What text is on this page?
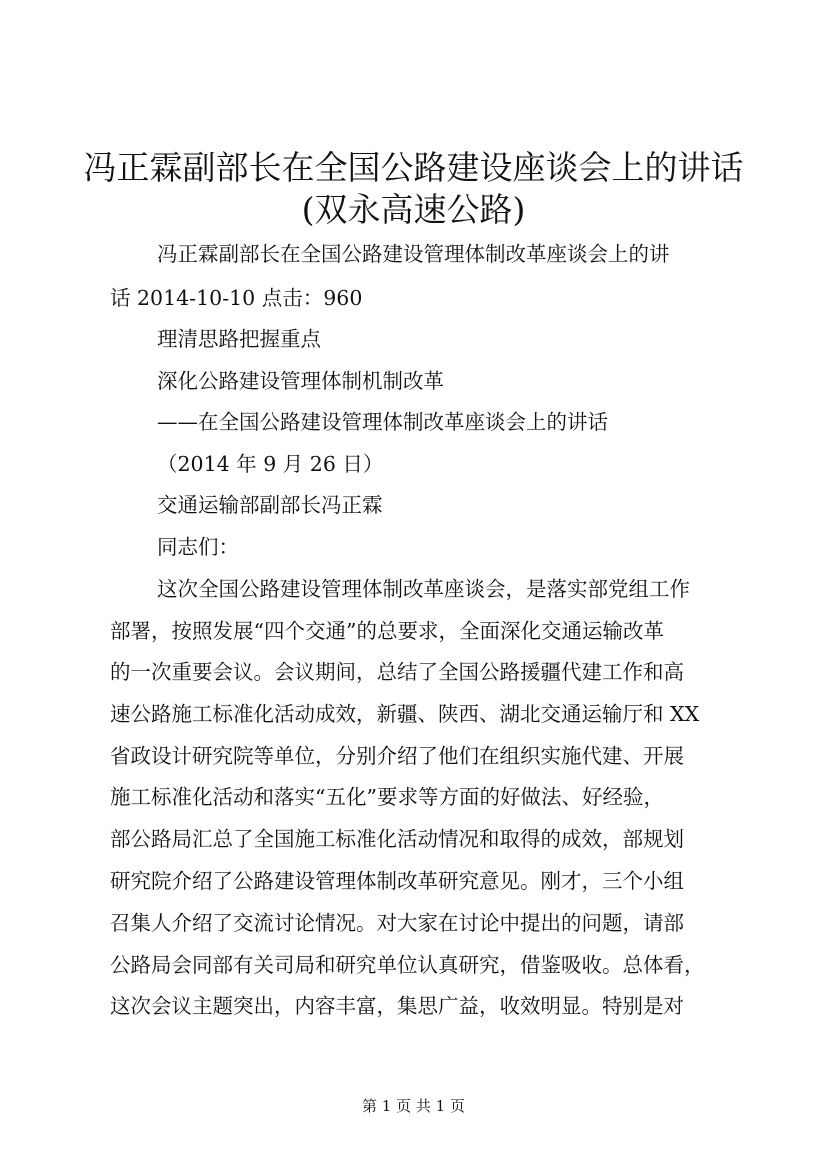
冯正霖副部长在全国公路建设座谈会上的讲话
(双永高速公路)

冯正霖副部长在全国公路建设管理体制改革座谈会上的讲

话 2014-10-10 点击：960

理清思路把握重点

深化公路建设管理体制机制改革

——在全国公路建设管理体制改革座谈会上的讲话

（2014 年 9 月 26 日）

交通运输部副部长冯正霖

同志们：

这次全国公路建设管理体制改革座谈会，是落实部党组工作

部署，按照发展“四个交通”的总要求，全面深化交通运输改革

的一次重要会议。会议期间，总结了全国公路援疆代建工作和高

速公路施工标准化活动成效，新疆、陕西、湖北交通运输厅和 XX

省政设计研究院等单位，分别介绍了他们在组织实施代建、开展

施工标准化活动和落实“五化”要求等方面的好做法、好经验，

部公路局汇总了全国施工标准化活动情况和取得的成效，部规划

研究院介绍了公路建设管理体制改革研究意见。刚才，三个小组

召集人介绍了交流讨论情况。对大家在讨论中提出的问题，请部

公路局会同部有关司局和研究单位认真研究，借鉴吸收。总体看，

这次会议主题突出，内容丰富，集思广益，收效明显。特别是对

第 1 页 共 1 页
